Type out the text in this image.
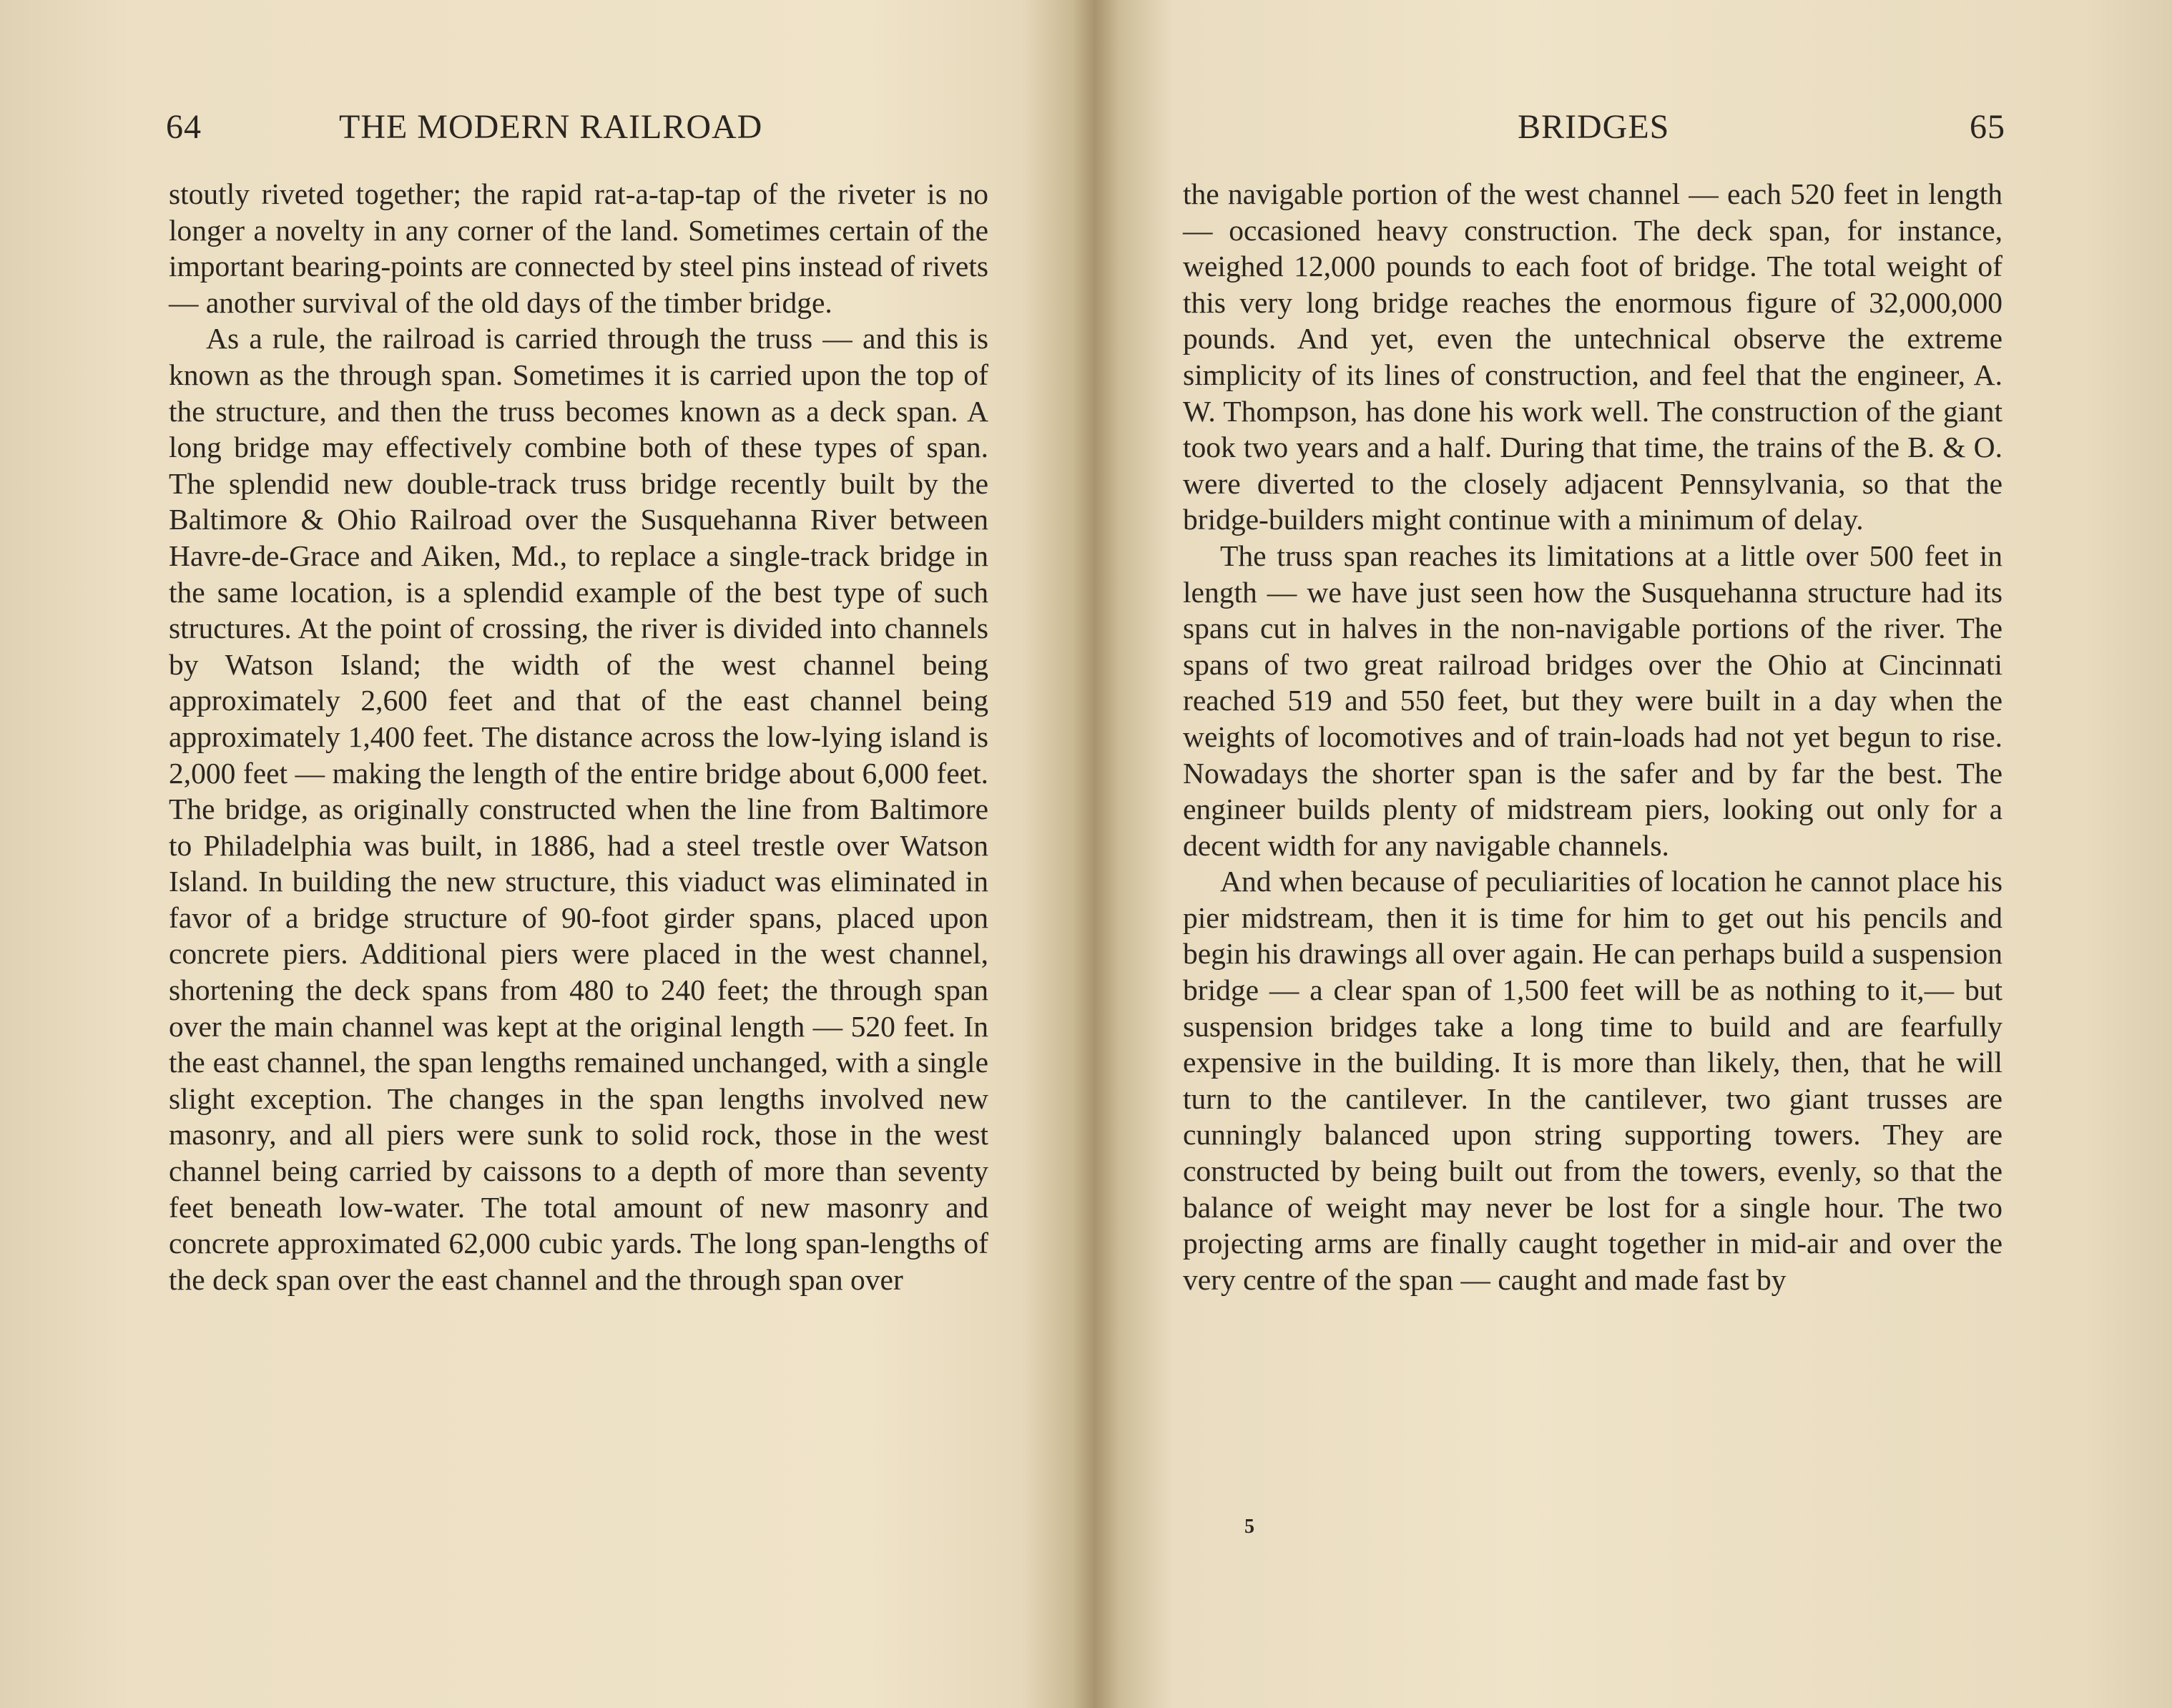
64	THE MODERN RAILROAD

stoutly riveted together; the rapid rat-a-tap-tap of the riveter is no longer a novelty in any corner of the land. Sometimes certain of the important bearing-points are connected by steel pins instead of rivets — another survival of the old days of the timber bridge.

As a rule, the railroad is carried through the truss — and this is known as the through span. Sometimes it is carried upon the top of the structure, and then the truss becomes known as a deck span. A long bridge may effectively combine both of these types of span. The splendid new double-track truss bridge recently built by the Baltimore & Ohio Railroad over the Susquehanna River between Havre-de-Grace and Aiken, Md., to replace a single-track bridge in the same location, is a splendid example of the best type of such structures. At the point of crossing, the river is divided into channels by Watson Island; the width of the west channel being approximately 2,600 feet and that of the east channel being approximately 1,400 feet. The distance across the low-lying island is 2,000 feet — making the length of the entire bridge about 6,000 feet. The bridge, as originally constructed when the line from Baltimore to Philadelphia was built, in 1886, had a steel trestle over Watson Island. In building the new structure, this viaduct was eliminated in favor of a bridge structure of 90-foot girder spans, placed upon concrete piers. Additional piers were placed in the west channel, shortening the deck spans from 480 to 240 feet; the through span over the main channel was kept at the original length — 520 feet. In the east channel, the span lengths remained unchanged, with a single slight exception. The changes in the span lengths involved new masonry, and all piers were sunk to solid rock, those in the west channel being carried by caissons to a depth of more than seventy feet beneath low-water. The total amount of new masonry and concrete approximated 62,000 cubic yards. The long span-lengths of the deck span over the east channel and the through span over

BRIDGES	65

the navigable portion of the west channel — each 520 feet in length — occasioned heavy construction. The deck span, for instance, weighed 12,000 pounds to each foot of bridge. The total weight of this very long bridge reaches the enormous figure of 32,000,000 pounds. And yet, even the untechnical observe the extreme simplicity of its lines of construction, and feel that the engineer, A. W. Thompson, has done his work well. The construction of the giant took two years and a half. During that time, the trains of the B. & O. were diverted to the closely adjacent Pennsylvania, so that the bridge-builders might continue with a minimum of delay.

The truss span reaches its limitations at a little over 500 feet in length — we have just seen how the Susquehanna structure had its spans cut in halves in the non-navigable portions of the river. The spans of two great railroad bridges over the Ohio at Cincinnati reached 519 and 550 feet, but they were built in a day when the weights of locomotives and of train-loads had not yet begun to rise. Nowadays the shorter span is the safer and by far the best. The engineer builds plenty of midstream piers, looking out only for a decent width for any navigable channels.

And when because of peculiarities of location he cannot place his pier midstream, then it is time for him to get out his pencils and begin his drawings all over again. He can perhaps build a suspension bridge — a clear span of 1,500 feet will be as nothing to it,— but suspension bridges take a long time to build and are fearfully expensive in the building. It is more than likely, then, that he will turn to the cantilever. In the cantilever, two giant trusses are cunningly balanced upon string supporting towers. They are constructed by being built out from the towers, evenly, so that the balance of weight may never be lost for a single hour. The two projecting arms are finally caught together in mid-air and over the very centre of the span — caught and made fast by

5
